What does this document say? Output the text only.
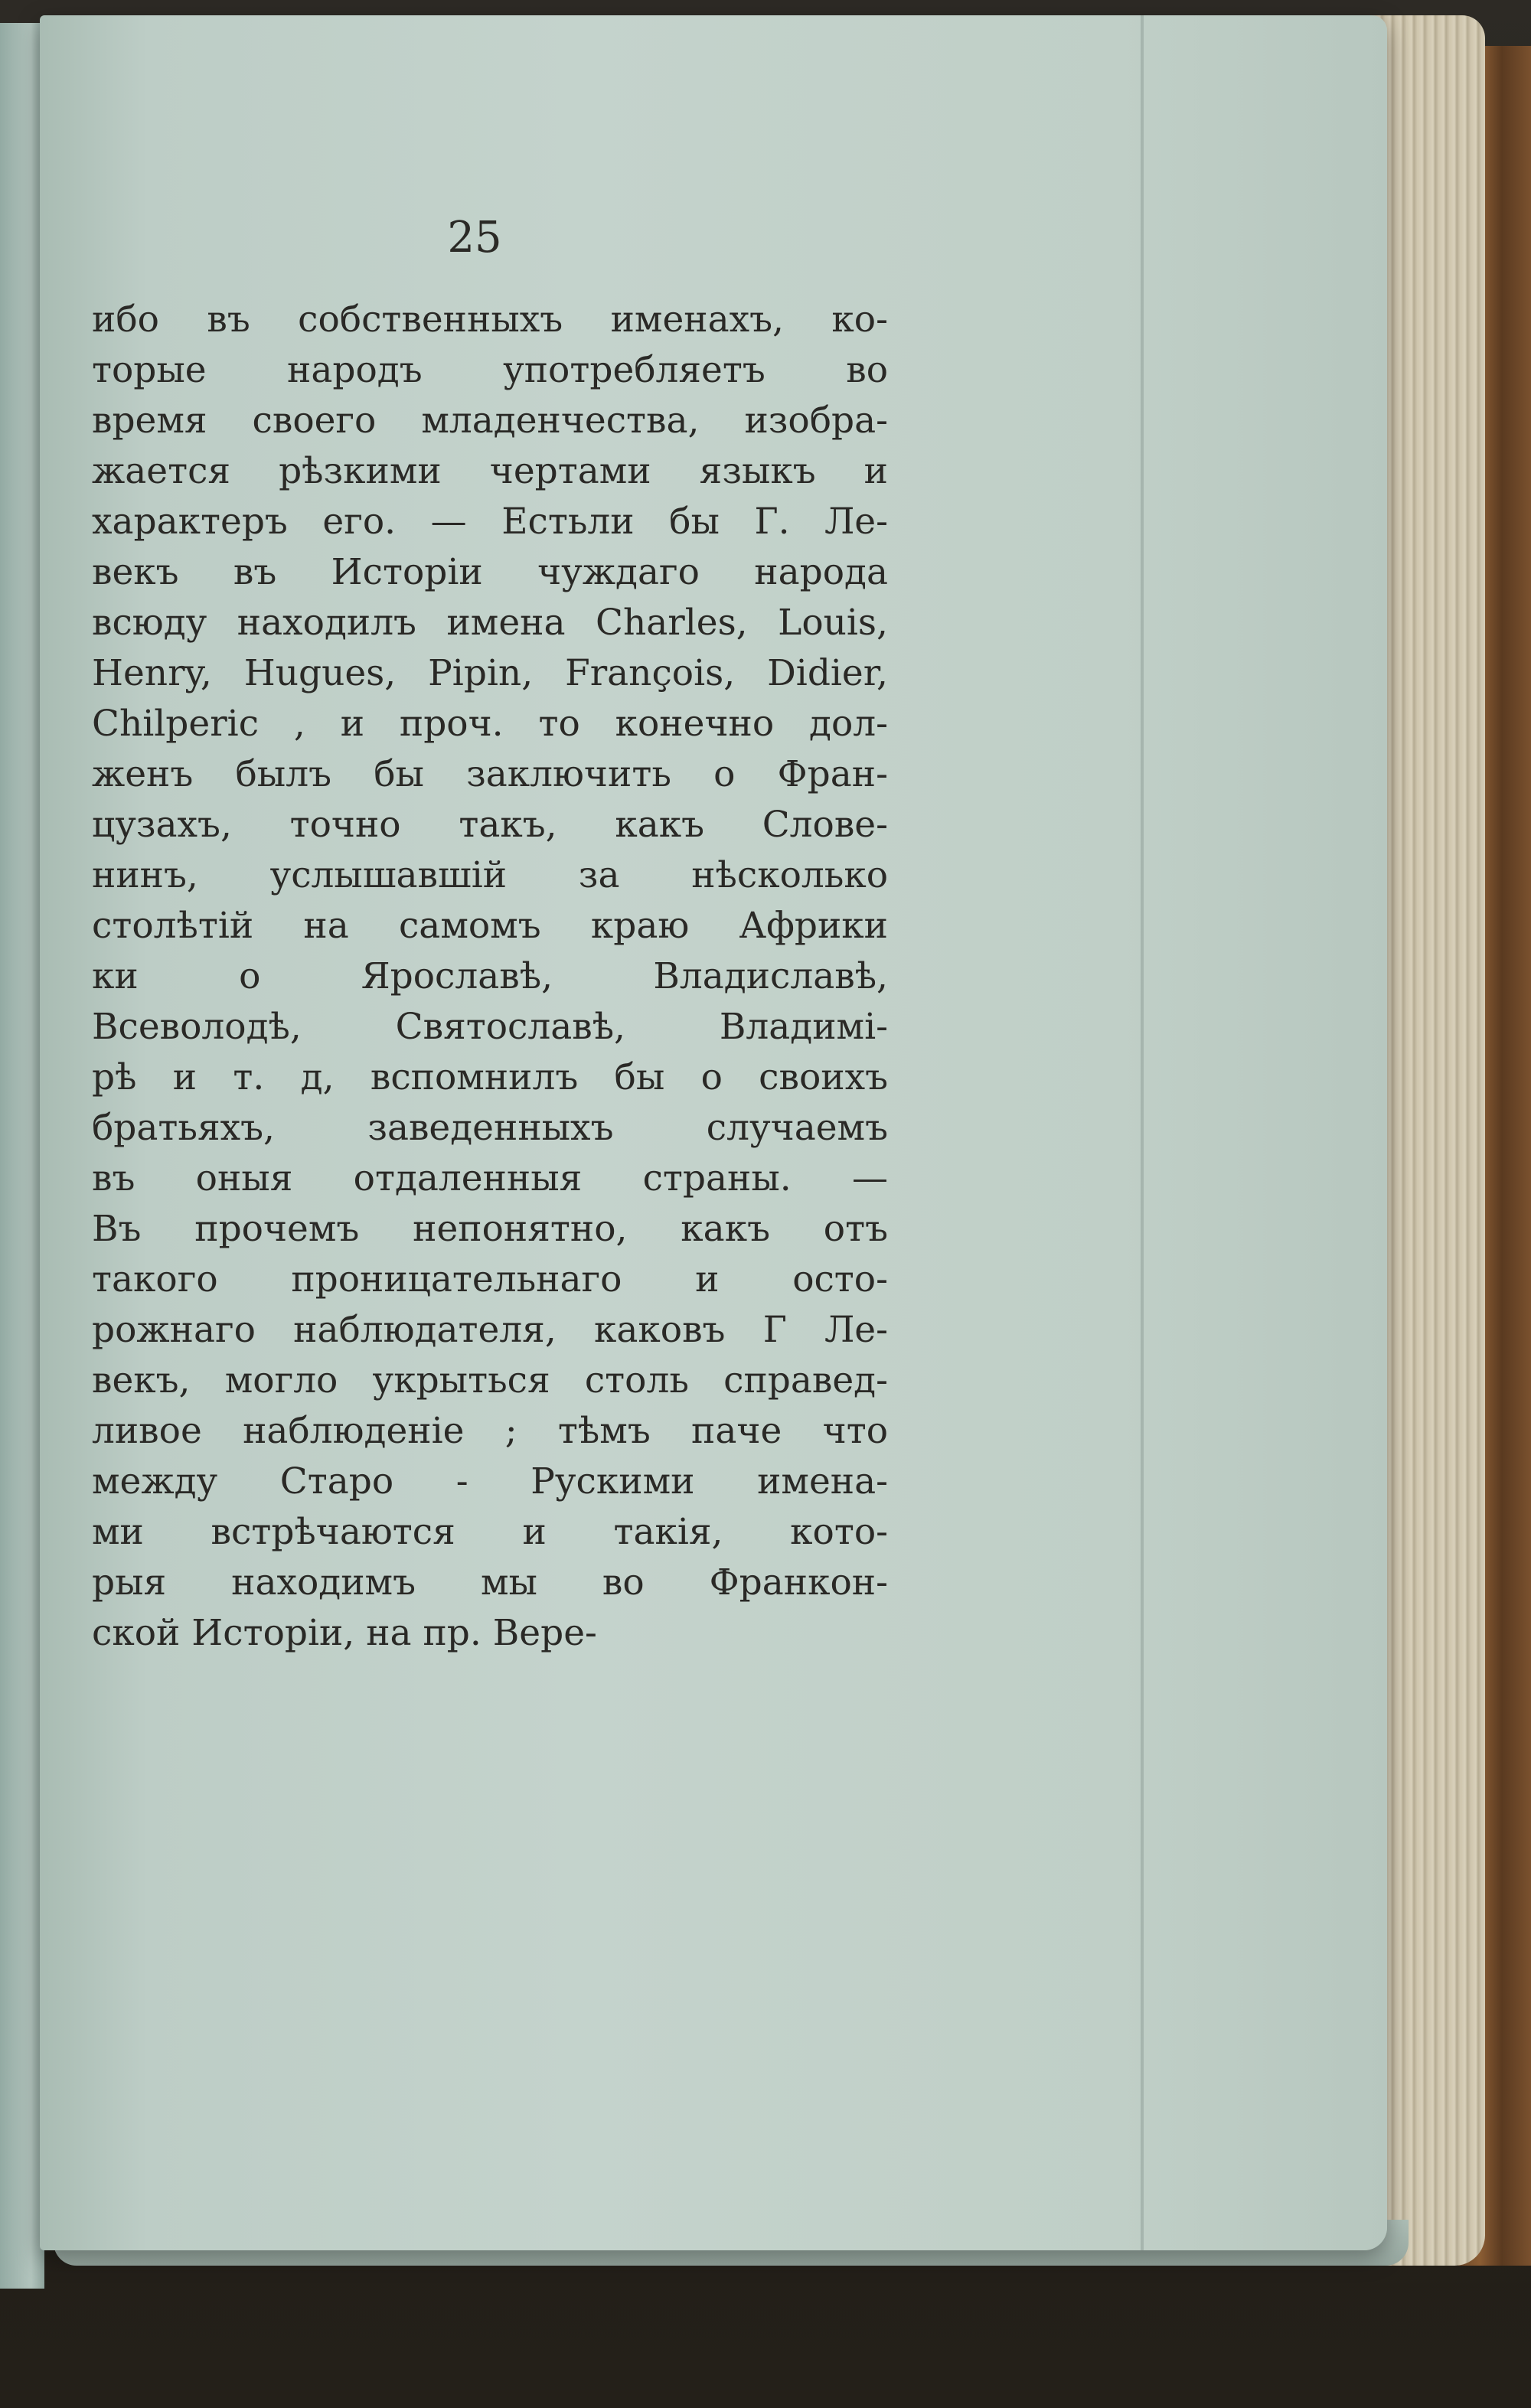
25
ибо въ собственныхъ именахъ, ко-
торые народъ употребляетъ во
время своего младенчества, изобра-
жается рѣзкими чертами языкъ и
характеръ его. — Естьли бы Г. Ле-
векъ въ Исторіи чуждаго народа
всюду находилъ имена Charles, Louis,
Henry, Hugues, Pipin, François, Didier,
Chilperic , и проч. то конечно дол-
женъ былъ бы заключить о Фран-
цузахъ, точно такъ, какъ Слове-
нинъ, услышавшій за нѣсколько
столѣтій на самомъ краю Африки
ки о Ярославѣ, Владиславѣ,
Всеволодѣ, Святославѣ, Владимі-
рѣ и т. д, вспомнилъ бы о своихъ
братьяхъ, заведенныхъ случаемъ
въ оныя отдаленныя страны. —
Въ прочемъ непонятно, какъ отъ
такого проницательнаго и осто-
рожнаго наблюдателя, каковъ Г Ле-
векъ, могло укрыться столь справед-
ливое наблюденіе ; тѣмъ паче что
между Старо - Рускими имена-
ми встрѣчаются и такія, кото-
рыя находимъ мы во Франкон-
ской Исторіи, на пр. Вере-
